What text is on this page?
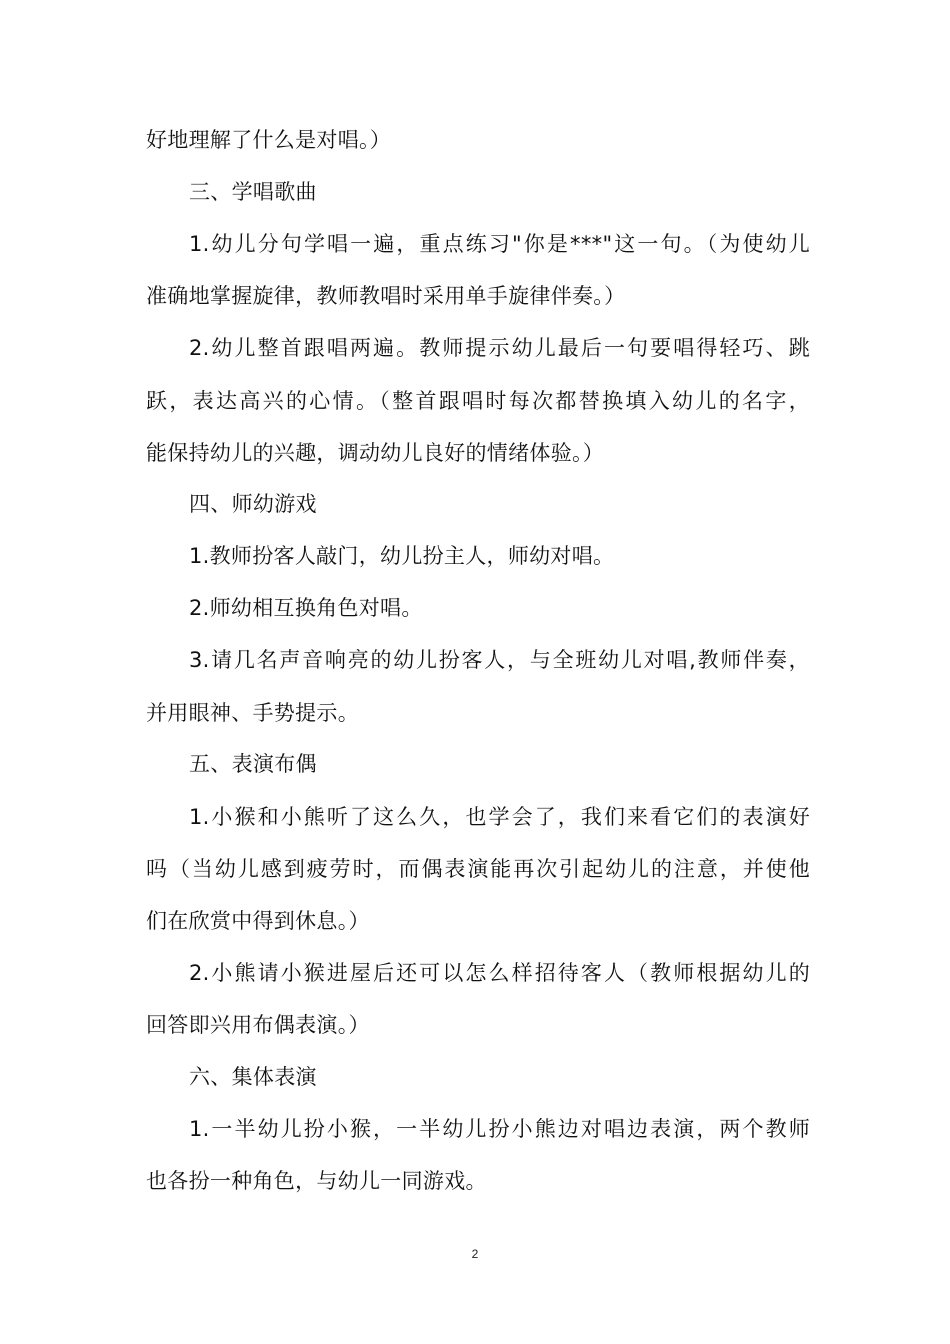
好地理解了什么是对唱。）
三、学唱歌曲
1.幼儿分句学唱一遍，重点练习"你是***"这一句。（为使幼儿
准确地掌握旋律，教师教唱时采用单手旋律伴奏。）
2.幼儿整首跟唱两遍。教师提示幼儿最后一句要唱得轻巧、跳
跃，表达高兴的心情。（整首跟唱时每次都替换填入幼儿的名字，
能保持幼儿的兴趣，调动幼儿良好的情绪体验。）
四、师幼游戏
1.教师扮客人敲门，幼儿扮主人，师幼对唱。
2.师幼相互换角色对唱。
3.请几名声音响亮的幼儿扮客人，与全班幼儿对唱,教师伴奏，
并用眼神、手势提示。
五、表演布偶
1.小猴和小熊听了这么久，也学会了，我们来看它们的表演好
吗（当幼儿感到疲劳时，而偶表演能再次引起幼儿的注意，并使他
们在欣赏中得到休息。）
2.小熊请小猴进屋后还可以怎么样招待客人（教师根据幼儿的
回答即兴用布偶表演。）
六、集体表演
1.一半幼儿扮小猴，一半幼儿扮小熊边对唱边表演，两个教师
也各扮一种角色，与幼儿一同游戏。
2
